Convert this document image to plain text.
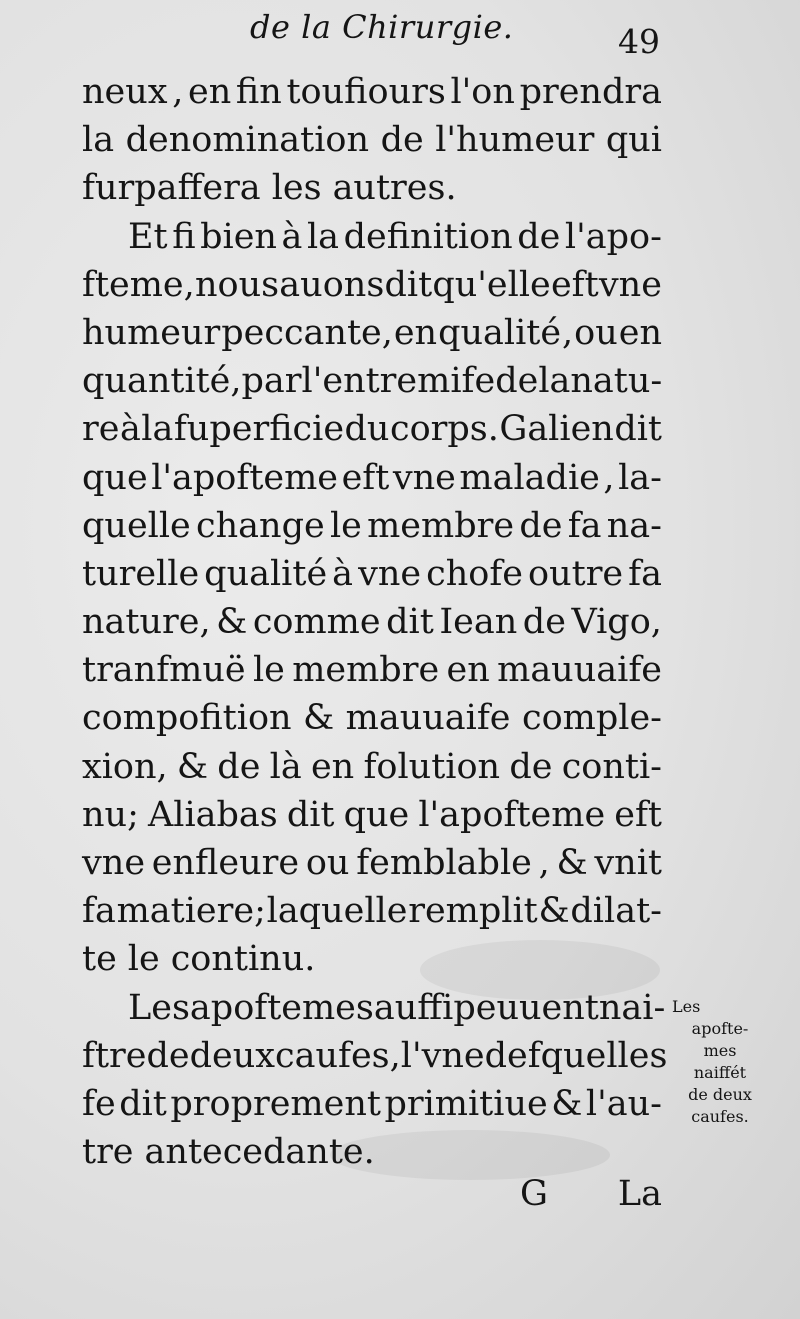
de la Chirurgie.	49
neux , en fin toufiours l'on prendra
la denomination de l'humeur qui
furpaffera les autres.
Et fi bien à la definition de l'apo-
fteme, nous auons dit qu'elle eft vne
humeur peccante, en qualité , ou en
quantité, par l'entremife de la natu-
re à la fuperficie du corps. Galien dit
que l'apofteme eft vne maladie , la-
quelle change le membre de fa na-
turelle qualité à vne chofe outre fa
nature, & comme dit Iean de Vigo,
tranfmuë le membre en mauuaife
compofition & mauuaife comple-
xion, & de là en folution de conti-
nu; Aliabas dit que l'apofteme eft
vne enfleure ou femblable , & vnit
fa matiere; laquelle remplit & dilat-
te le continu.
Les apoftemes auffi peuuent nai-
ftre de deux caufes, l'vne defquelles
fe dit proprement primitiue & l'au-
tre antecedante.
Les
apofte-
mes
naiffét
de deux
caufes.
G La
